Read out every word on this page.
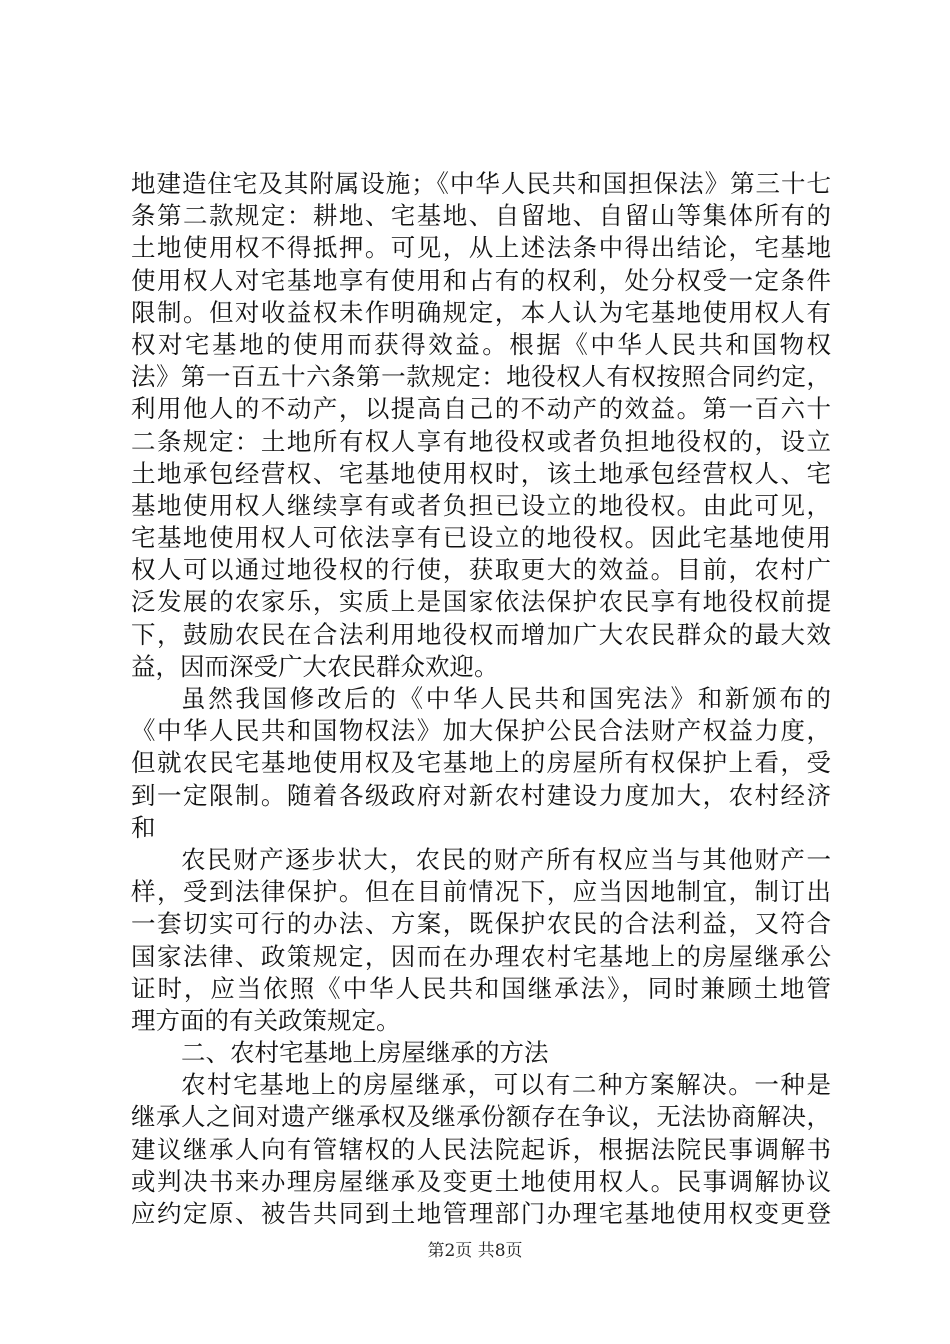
地建造住宅及其附属设施；《中华人民共和国担保法》第三十七
条第二款规定：耕地、宅基地、自留地、自留山等集体所有的
土地使用权不得抵押。可见，从上述法条中得出结论，宅基地
使用权人对宅基地享有使用和占有的权利，处分权受一定条件
限制。但对收益权未作明确规定，本人认为宅基地使用权人有
权对宅基地的使用而获得效益。根据《中华人民共和国物权
法》第一百五十六条第一款规定：地役权人有权按照合同约定，
利用他人的不动产，以提高自己的不动产的效益。第一百六十
二条规定：土地所有权人享有地役权或者负担地役权的，设立
土地承包经营权、宅基地使用权时，该土地承包经营权人、宅
基地使用权人继续享有或者负担已设立的地役权。由此可见，
宅基地使用权人可依法享有已设立的地役权。因此宅基地使用
权人可以通过地役权的行使，获取更大的效益。目前，农村广
泛发展的农家乐，实质上是国家依法保护农民享有地役权前提
下，鼓励农民在合法利用地役权而增加广大农民群众的最大效
益，因而深受广大农民群众欢迎。
虽然我国修改后的《中华人民共和国宪法》和新颁布的
《中华人民共和国物权法》加大保护公民合法财产权益力度，
但就农民宅基地使用权及宅基地上的房屋所有权保护上看，受
到一定限制。随着各级政府对新农村建设力度加大，农村经济
和
农民财产逐步状大，农民的财产所有权应当与其他财产一
样，受到法律保护。但在目前情况下，应当因地制宜，制订出
一套切实可行的办法、方案，既保护农民的合法利益，又符合
国家法律、政策规定，因而在办理农村宅基地上的房屋继承公
证时，应当依照《中华人民共和国继承法》，同时兼顾土地管
理方面的有关政策规定。
二、农村宅基地上房屋继承的方法
农村宅基地上的房屋继承，可以有二种方案解决。一种是
继承人之间对遗产继承权及继承份额存在争议，无法协商解决，
建议继承人向有管辖权的人民法院起诉，根据法院民事调解书
或判决书来办理房屋继承及变更土地使用权人。民事调解协议
应约定原、被告共同到土地管理部门办理宅基地使用权变更登
第2页 共8页
